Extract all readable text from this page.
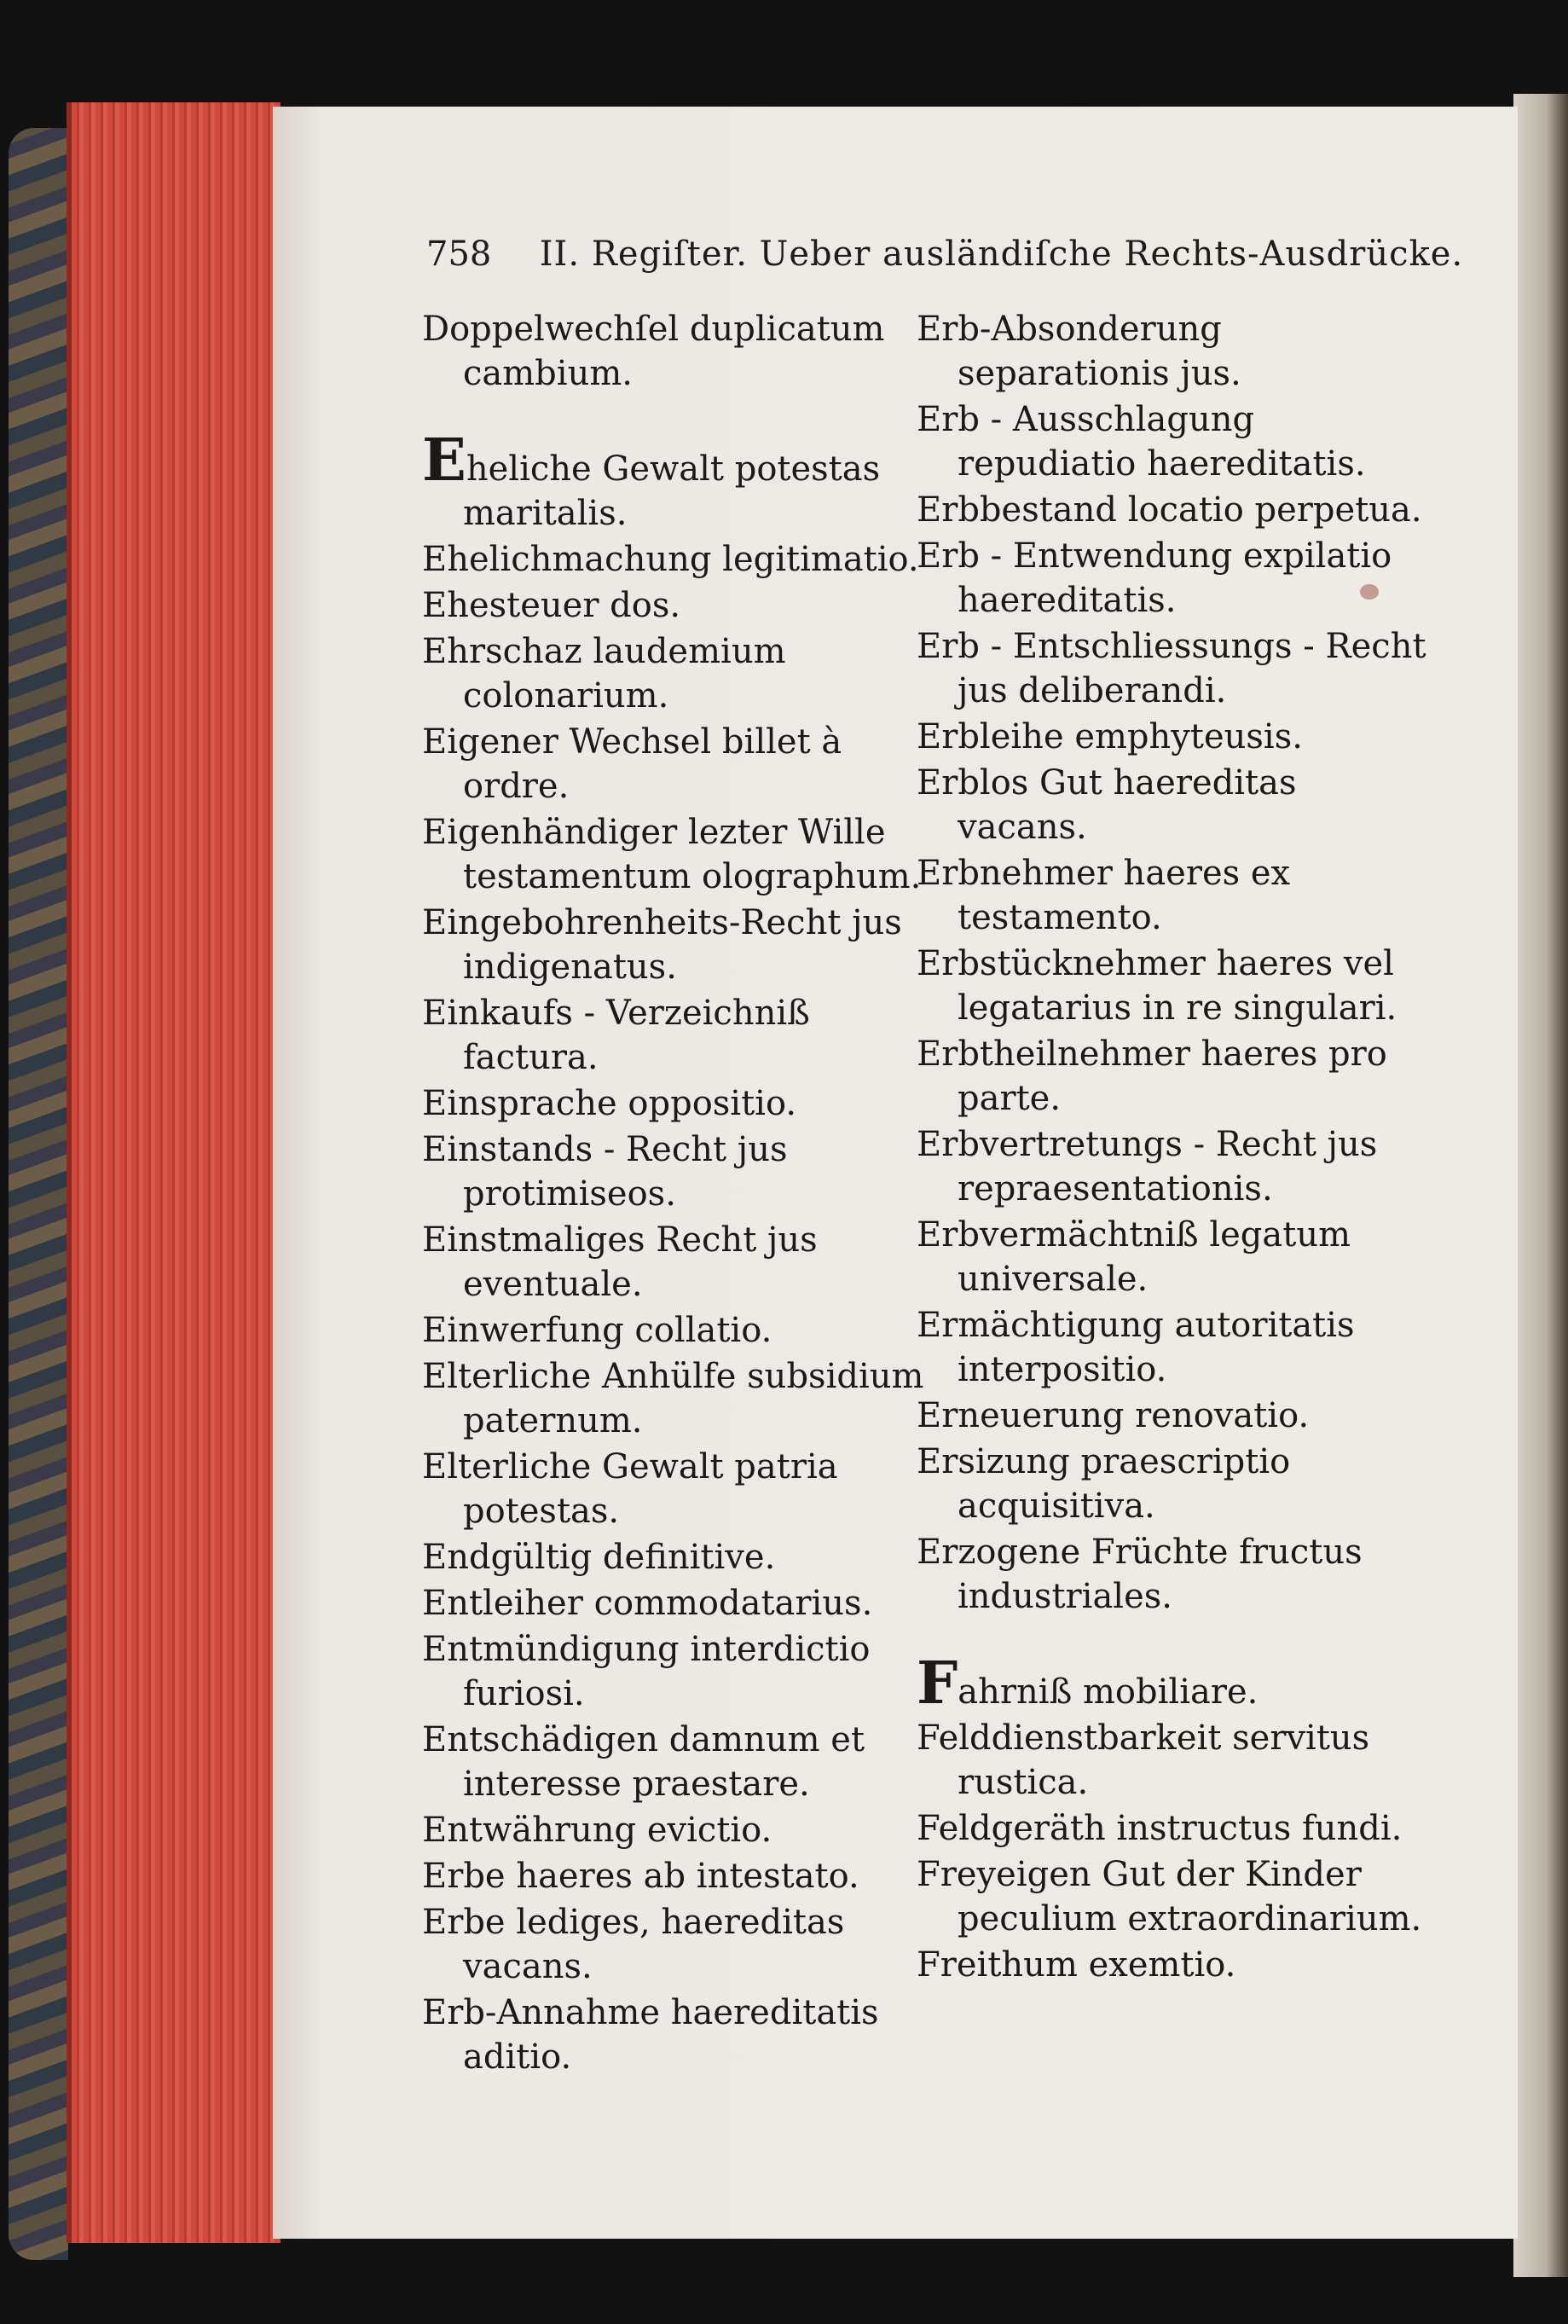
758 II. Regiſter. Ueber ausländiſche Rechts-Ausdrücke.
Doppelwechſel duplicatum cambium.
Eheliche Gewalt potestas maritalis.
Ehelichmachung legitimatio.
Ehesteuer dos.
Ehrschaz laudemium colonarium.
Eigener Wechsel billet à ordre.
Eigenhändiger lezter Wille testamentum olographum.
Eingebohrenheits-Recht jus indigenatus.
Einkaufs - Verzeichniß factura.
Einsprache oppositio.
Einstands - Recht jus protimiseos.
Einstmaliges Recht jus eventuale.
Einwerfung collatio.
Elterliche Anhülfe subsidium paternum.
Elterliche Gewalt patria potestas.
Endgültig definitive.
Entleiher commodatarius.
Entmündigung interdictio furiosi.
Entschädigen damnum et interesse praestare.
Entwährung evictio.
Erbe haeres ab intestato.
Erbe lediges, haereditas vacans.
Erb-Annahme haereditatis aditio.
Erb-Absonderung separationis jus.
Erb - Ausschlagung repudiatio haereditatis.
Erbbestand locatio perpetua.
Erb - Entwendung expilatio haereditatis.
Erb - Entschliessungs - Recht jus deliberandi.
Erbleihe emphyteusis.
Erblos Gut haereditas vacans.
Erbnehmer haeres ex testamento.
Erbstücknehmer haeres vel legatarius in re singulari.
Erbtheilnehmer haeres pro parte.
Erbvertretungs - Recht jus repraesentationis.
Erbvermächtniß legatum universale.
Ermächtigung autoritatis interpositio.
Erneuerung renovatio.
Ersizung praescriptio acquisitiva.
Erzogene Früchte fructus industriales.
Fahrniß mobiliare.
Felddienstbarkeit servitus rustica.
Feldgeräth instructus fundi.
Freyeigen Gut der Kinder peculium extraordinarium.
Freithum exemtio.
